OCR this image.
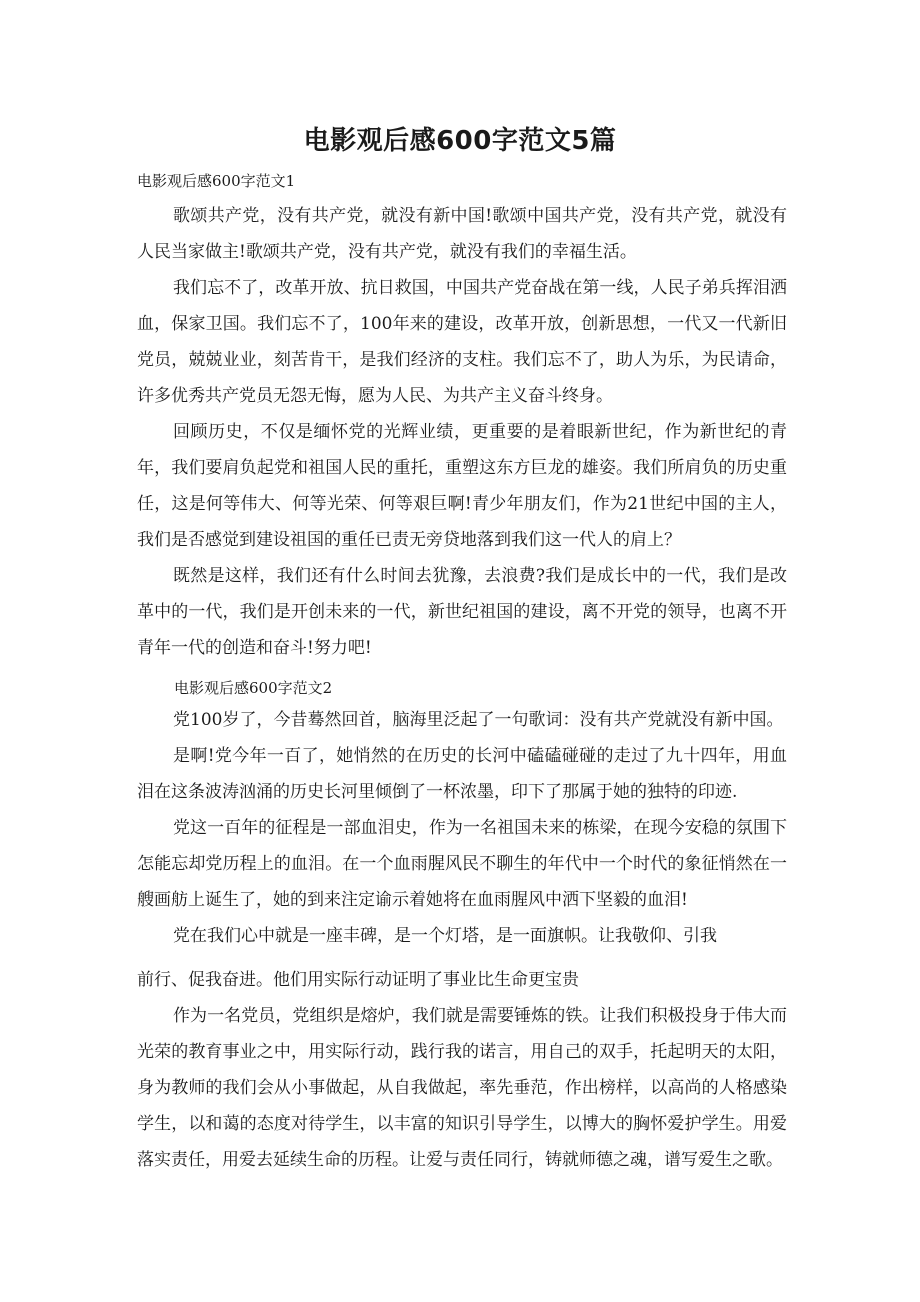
电影观后感600字范文5篇

电影观后感600字范文1

歌颂共产党，没有共产党，就没有新中国!歌颂中国共产党，没有共产党，就没有人民当家做主!歌颂共产党，没有共产党，就没有我们的幸福生活。

我们忘不了，改革开放、抗日救国，中国共产党奋战在第一线，人民子弟兵挥泪洒血，保家卫国。我们忘不了，100年来的建设，改革开放，创新思想，一代又一代新旧党员，兢兢业业，刻苦肯干，是我们经济的支柱。我们忘不了，助人为乐，为民请命，许多优秀共产党员无怨无悔，愿为人民、为共产主义奋斗终身。

回顾历史，不仅是缅怀党的光辉业绩，更重要的是着眼新世纪，作为新世纪的青年，我们要肩负起党和祖国人民的重托，重塑这东方巨龙的雄姿。我们所肩负的历史重任，这是何等伟大、何等光荣、何等艰巨啊!青少年朋友们，作为21世纪中国的主人，我们是否感觉到建设祖国的重任已责无旁贷地落到我们这一代人的肩上？

既然是这样，我们还有什么时间去犹豫，去浪费?我们是成长中的一代，我们是改革中的一代，我们是开创未来的一代，新世纪祖国的建设，离不开党的领导，也离不开青年一代的创造和奋斗!努力吧!

电影观后感600字范文2

党100岁了，今昔蓦然回首，脑海里泛起了一句歌词：没有共产党就没有新中国。

是啊!党今年一百了，她悄然的在历史的长河中磕磕碰碰的走过了九十四年，用血泪在这条波涛汹涌的历史长河里倾倒了一杯浓墨，印下了那属于她的独特的印迹.

党这一百年的征程是一部血泪史，作为一名祖国未来的栋梁，在现今安稳的氛围下怎能忘却党历程上的血泪。在一个血雨腥风民不聊生的年代中一个时代的象征悄然在一艘画舫上诞生了，她的到来注定谕示着她将在血雨腥风中洒下坚毅的血泪!

党在我们心中就是一座丰碑，是一个灯塔，是一面旗帜。让我敬仰、引我

前行、促我奋进。他们用实际行动证明了事业比生命更宝贵

作为一名党员，党组织是熔炉，我们就是需要锤炼的铁。让我们积极投身于伟大而光荣的教育事业之中，用实际行动，践行我的诺言，用自己的双手，托起明天的太阳，身为教师的我们会从小事做起，从自我做起，率先垂范，作出榜样，以高尚的人格感染学生，以和蔼的态度对待学生，以丰富的知识引导学生，以博大的胸怀爱护学生。用爱落实责任，用爱去延续生命的历程。让爱与责任同行，铸就师德之魂，谱写爱生之歌。
